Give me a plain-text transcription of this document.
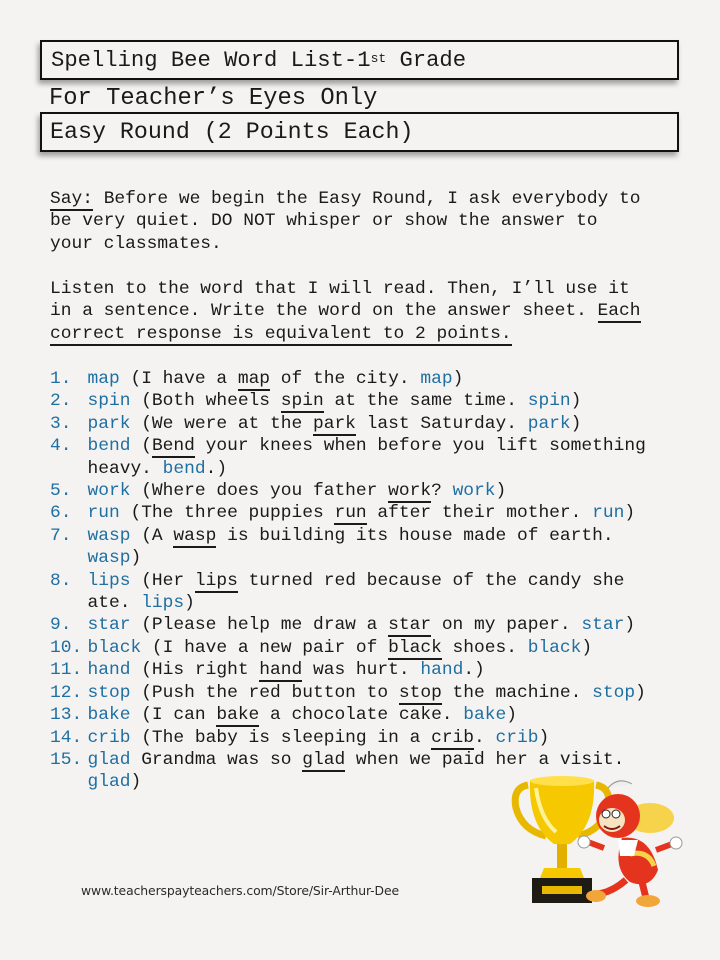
Spelling Bee Word List-1st Grade
For Teacher’s Eyes Only
Easy Round (2 Points Each)
Say: Before we begin the Easy Round, I ask everybody to
be very quiet. DO NOT whisper or show the answer to
your classmates.
Listen to the word that I will read. Then, I’ll use it
in a sentence. Write the word on the answer sheet. Each
correct response is equivalent to 2 points.
1. map (I have a map of the city. map)
2. spin (Both wheels spin at the same time. spin)
3. park (We were at the park last Saturday. park)
4. bend (Bend your knees when before you lift something
heavy. bend.)
5. work (Where does you father work? work)
6. run (The three puppies run after their mother. run)
7. wasp (A wasp is building its house made of earth.
wasp)
8. lips (Her lips turned red because of the candy she
ate. lips)
9. star (Please help me draw a star on my paper. star)
10. black (I have a new pair of black shoes. black)
11. hand (His right hand was hurt. hand.)
12. stop (Push the red button to stop the machine. stop)
13. bake (I can bake a chocolate cake. bake)
14. crib (The baby is sleeping in a crib. crib)
15. glad Grandma was so glad when we paid her a visit.
glad)
www.teacherspayteachers.com/Store/Sir-Arthur-Dee
